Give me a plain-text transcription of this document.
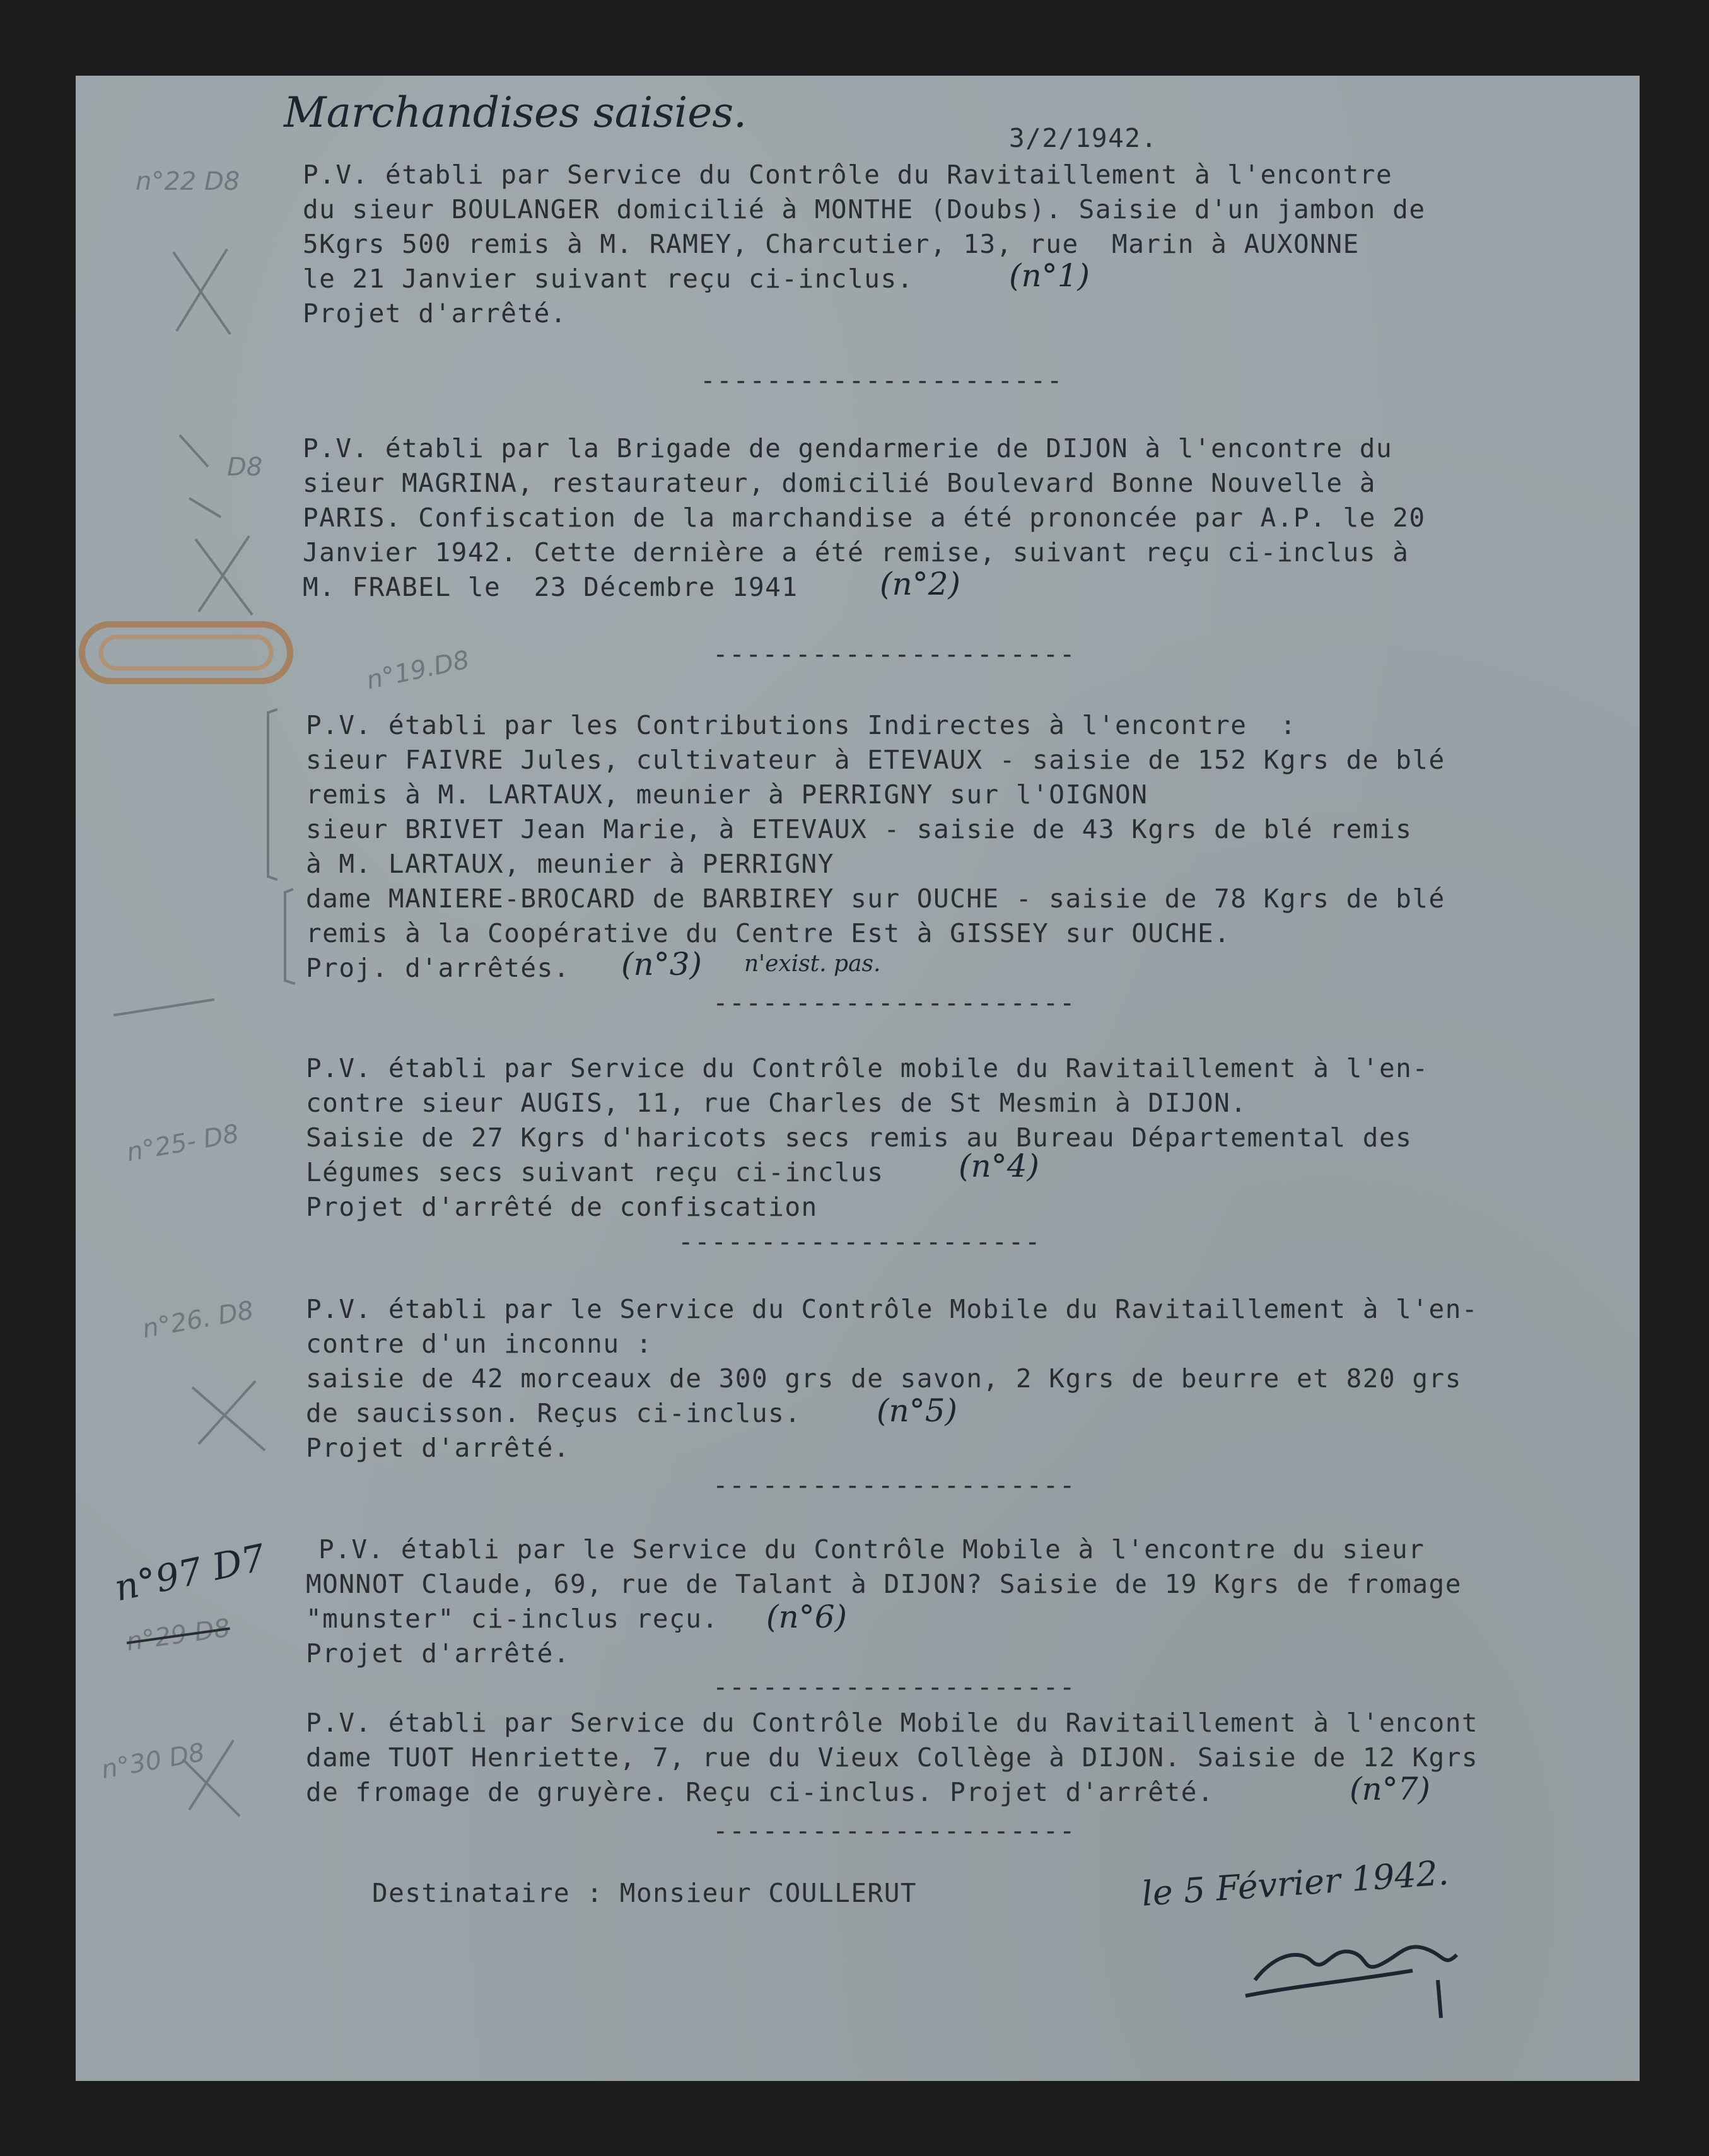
Marchandises saisies.

3/2/1942.

P.V. établi par Service du Contrôle du Ravitaillement à l'encontre

du sieur BOULANGER domicilié à MONTHE (Doubs). Saisie d'un jambon de

5Kgrs 500 remis à M. RAMEY, Charcutier, 13, rue  Marin à AUXONNE

le 21 Janvier suivant reçu ci-inclus.

Projet d'arrêté.

(n°1)

n°22 D8

----------------------

P.V. établi par la Brigade de gendarmerie de DIJON à l'encontre du

sieur MAGRINA, restaurateur, domicilié Boulevard Bonne Nouvelle à

PARIS. Confiscation de la marchandise a été prononcée par A.P. le 20

Janvier 1942. Cette dernière a été remise, suivant reçu ci-inclus à

M. FRABEL le  23 Décembre 1941	(n°2)

D8

----------------------

P.V. établi par les Contributions Indirectes à l'encontre  :

sieur FAIVRE Jules, cultivateur à ETEVAUX - saisie de 152 Kgrs de blé

remis à M. LARTAUX, meunier à PERRIGNY sur l'OIGNON

sieur BRIVET Jean Marie, à ETEVAUX - saisie de 43 Kgrs de blé remis

à M. LARTAUX, meunier à PERRIGNY

dame MANIERE-BROCARD de BARBIREY sur OUCHE - saisie de 78 Kgrs de blé

remis à la Coopérative du Centre Est à GISSEY sur OUCHE.

Proj. d'arrêtés. (n°3) n'exist. pas.

n°19.D8

----------------------

P.V. établi par Service du Contrôle mobile du Ravitaillement à l'en-

contre sieur AUGIS, 11, rue Charles de St Mesmin à DIJON.

Saisie de 27 Kgrs d'haricots secs remis au Bureau Départemental des

Légumes secs suivant reçu ci-inclus

Projet d'arrêté de confiscation

(n°4)

n°25- D8

----------------------

P.V. établi par le Service du Contrôle Mobile du Ravitaillement à l'en-

contre d'un inconnu :

saisie de 42 morceaux de 300 grs de savon, 2 Kgrs de beurre et 820 grs

de saucisson. Reçus ci-inclus.

Projet d'arrêté.

(n°5)

n°26. D8

----------------------

P.V. établi par le Service du Contrôle Mobile à l'encontre du sieur

MONNOT Claude, 69, rue de Talant à DIJON? Saisie de 19 Kgrs de fromage

"munster" ci-inclus reçu.

Projet d'arrêté.

(n°6)

n°97 D7

n°29 D8

----------------------

P.V. établi par Service du Contrôle Mobile du Ravitaillement à l'encont

dame TUOT Henriette, 7, rue du Vieux Collège à DIJON. Saisie de 12 Kgrs

de fromage de gruyère. Reçu ci-inclus. Projet d'arrêté.	(n°7)

n°30 D8

----------------------

Destinataire : Monsieur COULLERUT	le 5 Février 1942.
